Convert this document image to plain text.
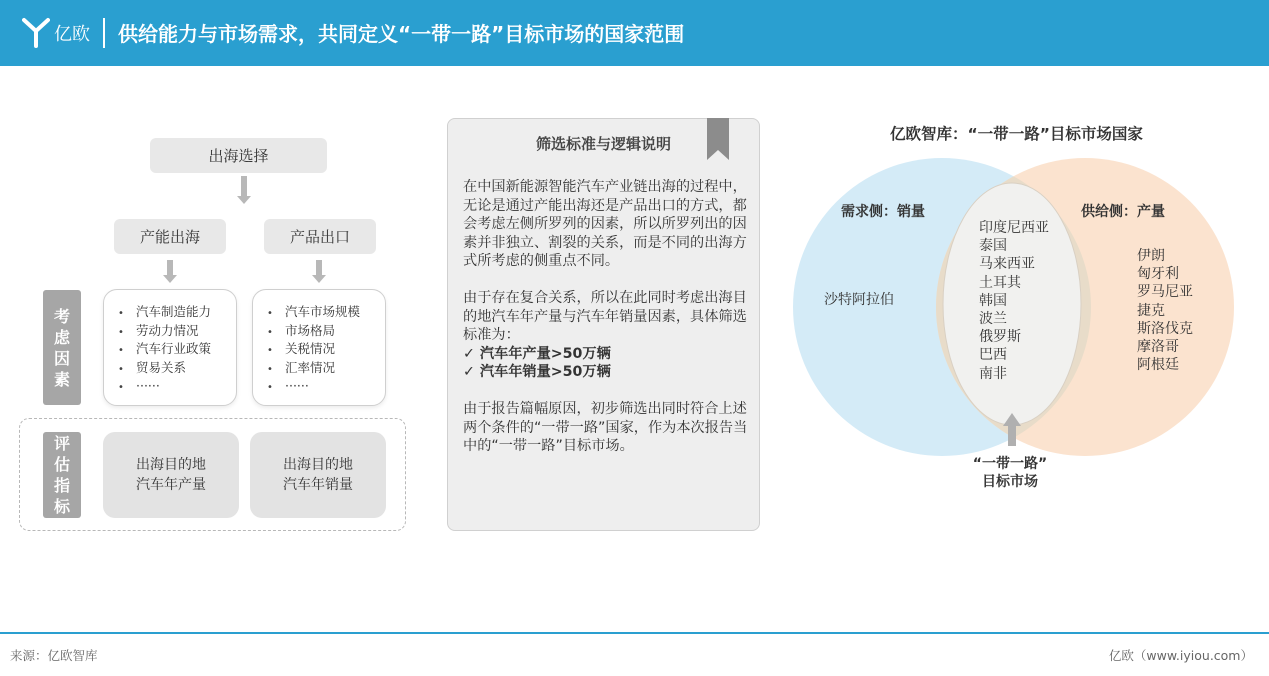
亿欧 供给能力与市场需求，共同定义“一带一路”目标市场的国家范围
出海选择
产能出海	产品出口
考虑因素
• 汽车制造能力
• 劳动力情况
• 汽车行业政策
• 贸易关系
• ······
• 汽车市场规模
• 市场格局
• 关税情况
• 汇率情况
• ······
评估指标
出海目的地
汽车年产量
出海目的地
汽车年销量
筛选标准与逻辑说明

在中国新能源智能汽车产业链出海的过程中，无论是通过产能出海还是产品出口的方式，都会考虑左侧所罗列的因素，所以所罗列出的因素并非独立、割裂的关系，而是不同的出海方式所考虑的侧重点不同。

由于存在复合关系，所以在此同时考虑出海目的地汽车年产量与汽车年销量因素，具体筛选标准为：
✓ 汽车年产量>50万辆
✓ 汽车年销量>50万辆

由于报告篇幅原因，初步筛选出同时符合上述两个条件的“一带一路”国家，作为本次报告当中的“一带一路”目标市场。

亿欧智库：“一带一路”目标市场国家
需求侧：销量	供给侧：产量
沙特阿拉伯
印度尼西亚
泰国
马来西亚
土耳其
韩国
波兰
俄罗斯
巴西
南非
伊朗
匈牙利
罗马尼亚
捷克
斯洛伐克
摩洛哥
阿根廷
“一带一路”
目标市场
来源：亿欧智库	亿欧（www.iyiou.com）
